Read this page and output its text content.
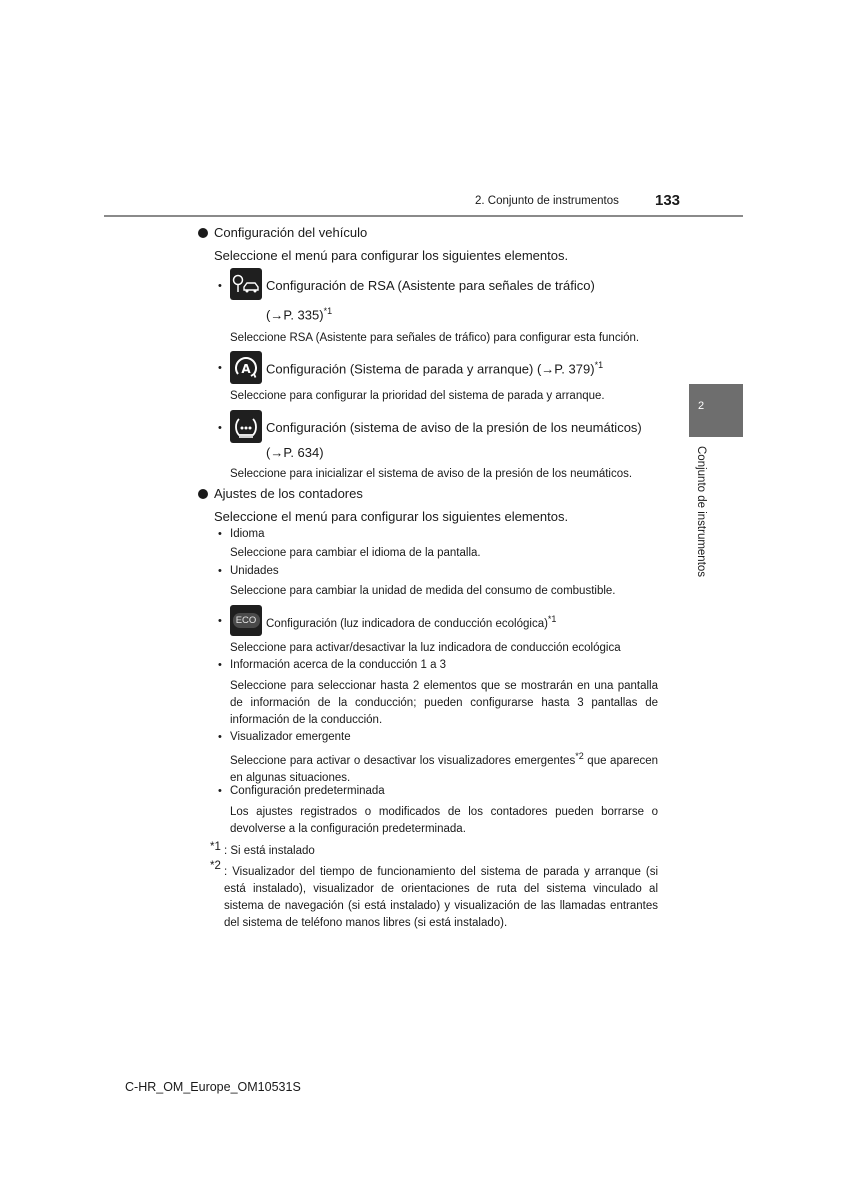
2. Conjunto de instrumentos 133
2
Conjunto de instrumentos
Configuración del vehículo
Seleccione el menú para configurar los siguientes elementos.
•	Configuración de RSA (Asistente para señales de tráfico)
(→P. 335)$^{*1}$
Seleccione RSA (Asistente para señales de tráfico) para configurar esta función.
• A Configuración (Sistema de parada y arranque) (→P. 379)$^{*1}$
Seleccione para configurar la prioridad del sistema de parada y arranque.
•	Configuración (sistema de aviso de la presión de los neumáticos)
(→P. 634)
Seleccione para inicializar el sistema de aviso de la presión de los neumáticos.
Ajustes de los contadores
Seleccione el menú para configurar los siguientes elementos.
• Idioma
Seleccione para cambiar el idioma de la pantalla.
• Unidades
Seleccione para cambiar la unidad de medida del consumo de combustible.
•	ECO Configuración (luz indicadora de conducción ecológica)$^{*1}$
Seleccione para activar/desactivar la luz indicadora de conducción ecológica
• Información acerca de la conducción 1 a 3
Seleccione para seleccionar hasta 2 elementos que se mostrarán en una pantalla de información de la conducción; pueden configurarse hasta 3 pantallas de información de la conducción.
• Visualizador emergente
Seleccione para activar o desactivar los visualizadores emergentes$^{*2}$ que aparecen en algunas situaciones.
• Configuración predeterminada
Los ajustes registrados o modificados de los contadores pueden borrarse o devolverse a la configuración predeterminada.
*1 : Si está instalado
*2 : Visualizador del tiempo de funcionamiento del sistema de parada y arranque (si está instalado), visualizador de orientaciones de ruta del sistema vinculado al sistema de navegación (si está instalado) y visualización de las llamadas entrantes del sistema de teléfono manos libres (si está instalado).
C-HR_OM_Europe_OM10531S
